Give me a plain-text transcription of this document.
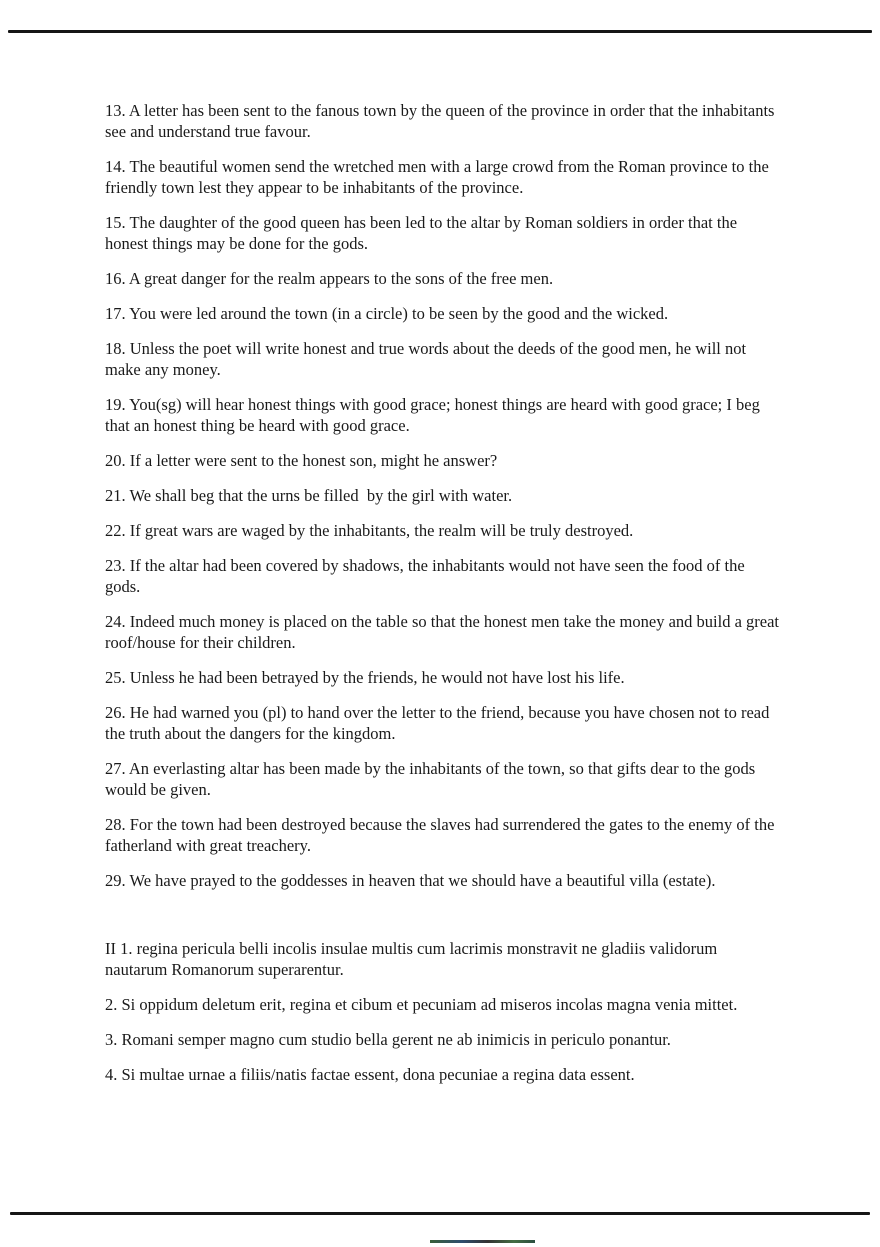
13. A letter has been sent to the fanous town by the queen of the province in order that the inhabitants see and understand true favour.

14. The beautiful women send the wretched men with a large crowd from the Roman province to the friendly town lest they appear to be inhabitants of the province.

15. The daughter of the good queen has been led to the altar by Roman soldiers in order that the honest things may be done for the gods.

16. A great danger for the realm appears to the sons of the free men.

17. You were led around the town (in a circle) to be seen by the good and the wicked.

18. Unless the poet will write honest and true words about the deeds of the good men, he will not make any money.

19. You(sg) will hear honest things with good grace; honest things are heard with good grace; I beg that an honest thing be heard with good grace.

20. If a letter were sent to the honest son, might he answer?

21. We shall beg that the urns be filled  by the girl with water.

22. If great wars are waged by the inhabitants, the realm will be truly destroyed.

23. If the altar had been covered by shadows, the inhabitants would not have seen the food of the gods.

24. Indeed much money is placed on the table so that the honest men take the money and build a great roof/house for their children.

25. Unless he had been betrayed by the friends, he would not have lost his life.

26. He had warned you (pl) to hand over the letter to the friend, because you have chosen not to read the truth about the dangers for the kingdom.

27. An everlasting altar has been made by the inhabitants of the town, so that gifts dear to the gods would be given.

28. For the town had been destroyed because the slaves had surrendered the gates to the enemy of the fatherland with great treachery.

29. We have prayed to the goddesses in heaven that we should have a beautiful villa (estate).

II 1. regina pericula belli incolis insulae multis cum lacrimis monstravit ne gladiis validorum nautarum Romanorum superarentur.

2. Si oppidum deletum erit, regina et cibum et pecuniam ad miseros incolas magna venia mittet.

3. Romani semper magno cum studio bella gerent ne ab inimicis in periculo ponantur.

4. Si multae urnae a filiis/natis factae essent, dona pecuniae a regina data essent.
